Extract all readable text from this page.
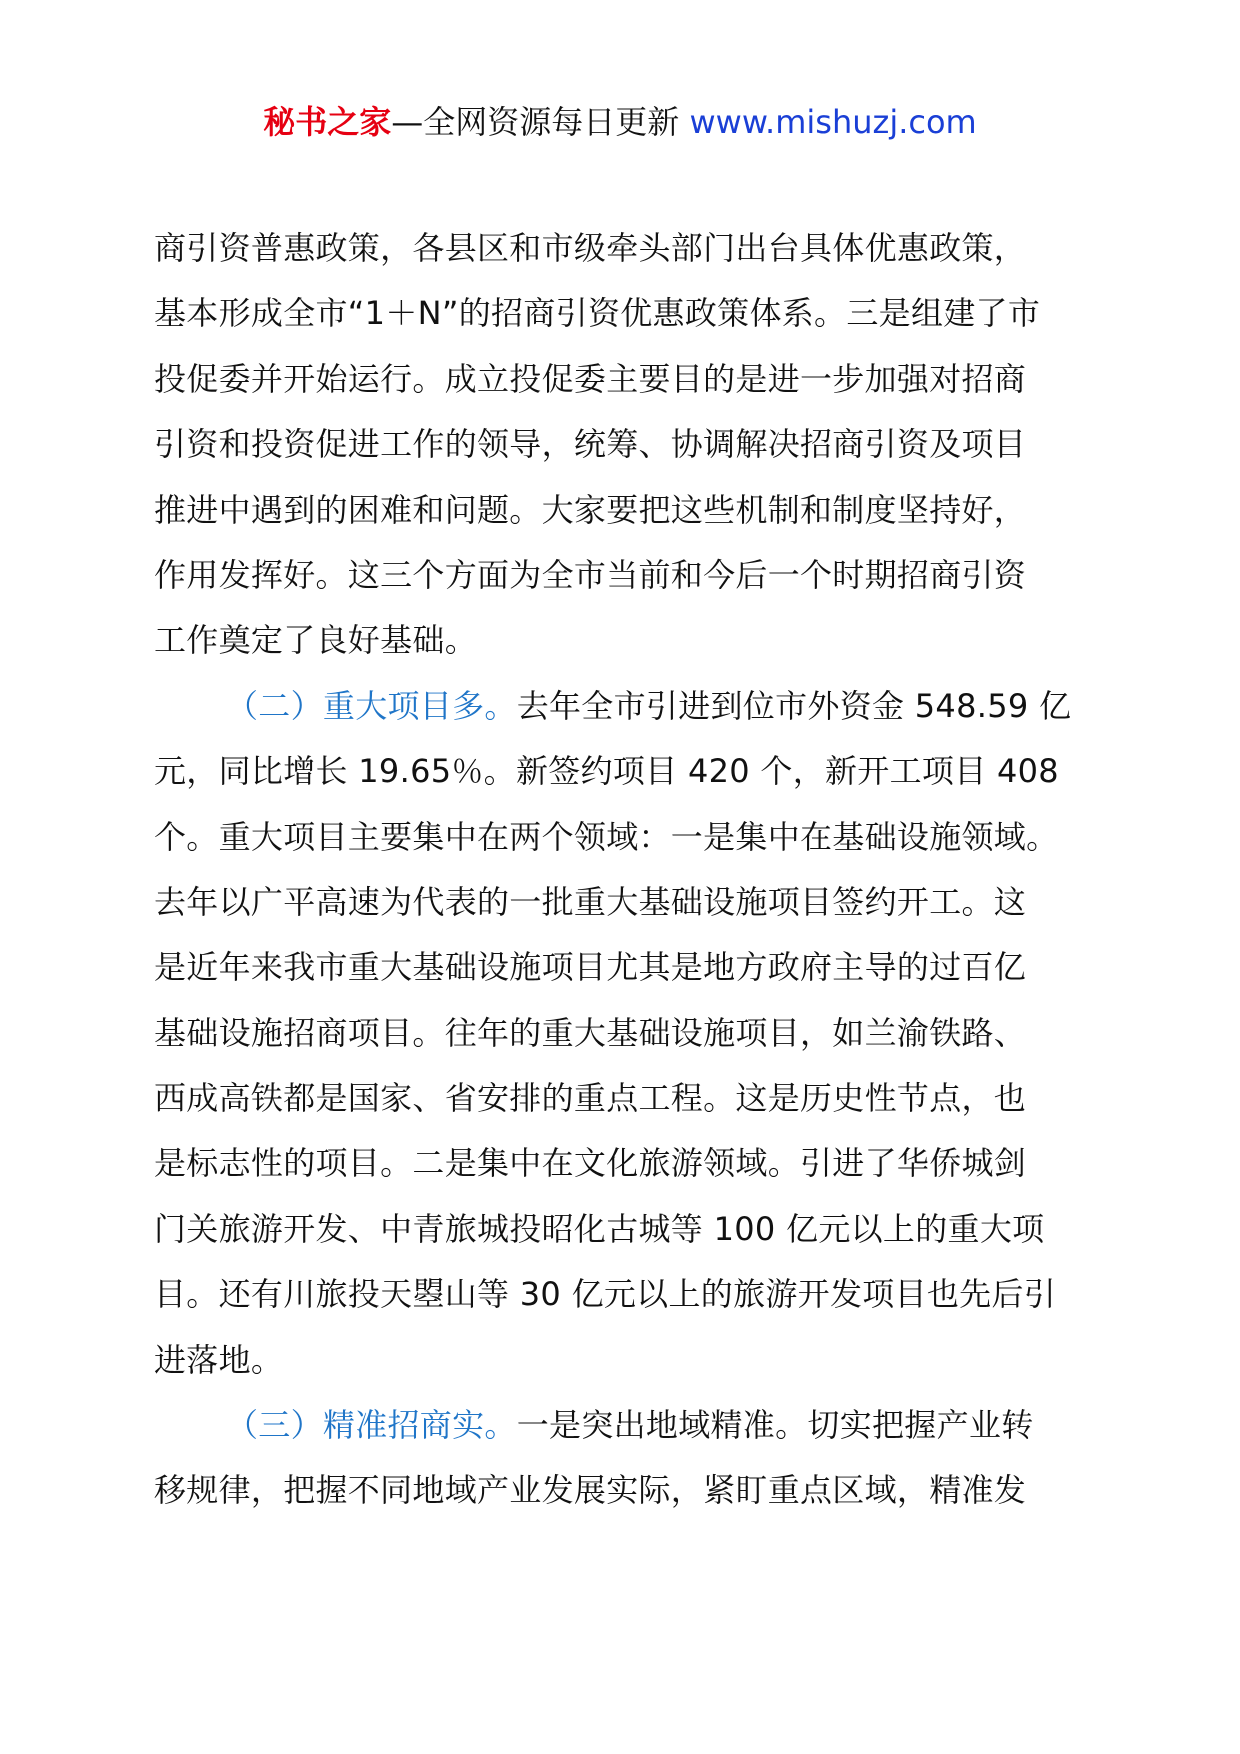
秘书之家—全网资源每日更新 www.mishuzj.com
商引资普惠政策，各县区和市级牵头部门出台具体优惠政策，
基本形成全市“1＋N”的招商引资优惠政策体系。三是组建了市
投促委并开始运行。成立投促委主要目的是进一步加强对招商
引资和投资促进工作的领导，统筹、协调解决招商引资及项目
推进中遇到的困难和问题。大家要把这些机制和制度坚持好，
作用发挥好。这三个方面为全市当前和今后一个时期招商引资
工作奠定了良好基础。
（二）重大项目多。去年全市引进到位市外资金 548.59 亿
元，同比增长 19.65％。新签约项目 420 个，新开工项目 408
个。重大项目主要集中在两个领域：一是集中在基础设施领域。
去年以广平高速为代表的一批重大基础设施项目签约开工。这
是近年来我市重大基础设施项目尤其是地方政府主导的过百亿
基础设施招商项目。往年的重大基础设施项目，如兰渝铁路、
西成高铁都是国家、省安排的重点工程。这是历史性节点，也
是标志性的项目。二是集中在文化旅游领域。引进了华侨城剑
门关旅游开发、中青旅城投昭化古城等 100 亿元以上的重大项
目。还有川旅投天曌山等 30 亿元以上的旅游开发项目也先后引
进落地。
（三）精准招商实。一是突出地域精准。切实把握产业转
移规律，把握不同地域产业发展实际，紧盯重点区域，精准发
